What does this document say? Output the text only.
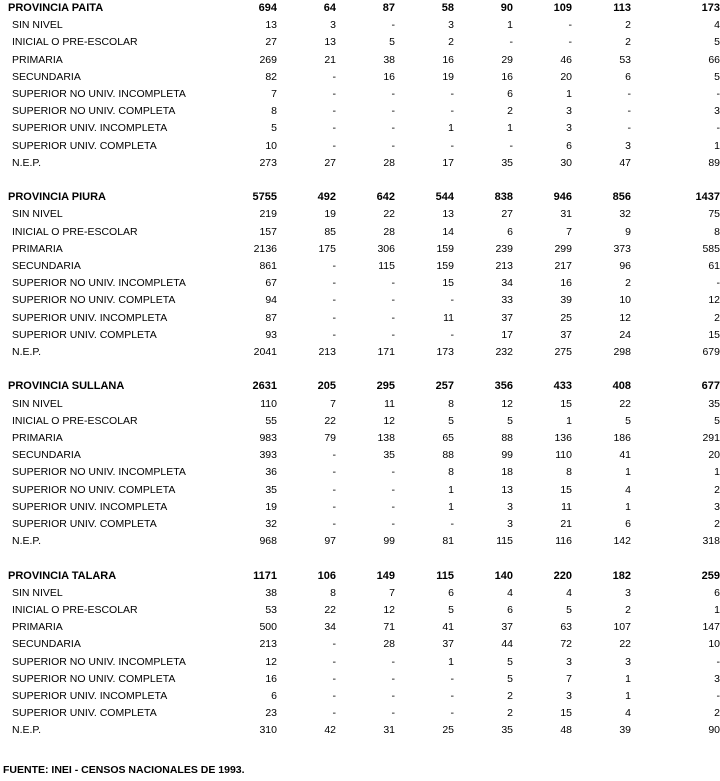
PROVINCIA PAITA	694	64	87	58	90	109	113	173
SIN NIVEL	13	3	-	3	1	-	2	4
INICIAL O PRE-ESCOLAR	27	13	5	2	-	-	2	5
PRIMARIA	269	21	38	16	29	46	53	66
SECUNDARIA	82	-	16	19	16	20	6	5
SUPERIOR NO UNIV. INCOMPLETA	7	-	-	-	6	1	-	-
SUPERIOR NO UNIV. COMPLETA	8	-	-	-	2	3	-	3
SUPERIOR UNIV. INCOMPLETA	5	-	-	1	1	3	-	-
SUPERIOR UNIV. COMPLETA	10	-	-	-	-	6	3	1
N.E.P.	273	27	28	17	35	30	47	89

PROVINCIA PIURA	5755	492	642	544	838	946	856	1437
SIN NIVEL	219	19	22	13	27	31	32	75
INICIAL O PRE-ESCOLAR	157	85	28	14	6	7	9	8
PRIMARIA	2136	175	306	159	239	299	373	585
SECUNDARIA	861	-	115	159	213	217	96	61
SUPERIOR NO UNIV. INCOMPLETA	67	-	-	15	34	16	2	-
SUPERIOR NO UNIV. COMPLETA	94	-	-	-	33	39	10	12
SUPERIOR UNIV. INCOMPLETA	87	-	-	11	37	25	12	2
SUPERIOR UNIV. COMPLETA	93	-	-	-	17	37	24	15
N.E.P.	2041	213	171	173	232	275	298	679

PROVINCIA SULLANA	2631	205	295	257	356	433	408	677
SIN NIVEL	110	7	11	8	12	15	22	35
INICIAL O PRE-ESCOLAR	55	22	12	5	5	1	5	5
PRIMARIA	983	79	138	65	88	136	186	291
SECUNDARIA	393	-	35	88	99	110	41	20
SUPERIOR NO UNIV. INCOMPLETA	36	-	-	8	18	8	1	1
SUPERIOR NO UNIV. COMPLETA	35	-	-	1	13	15	4	2
SUPERIOR UNIV. INCOMPLETA	19	-	-	1	3	11	1	3
SUPERIOR UNIV. COMPLETA	32	-	-	-	3	21	6	2
N.E.P.	968	97	99	81	115	116	142	318

PROVINCIA TALARA	1171	106	149	115	140	220	182	259
SIN NIVEL	38	8	7	6	4	4	3	6
INICIAL O PRE-ESCOLAR	53	22	12	5	6	5	2	1
PRIMARIA	500	34	71	41	37	63	107	147
SECUNDARIA	213	-	28	37	44	72	22	10
SUPERIOR NO UNIV. INCOMPLETA	12	-	-	1	5	3	3	-
SUPERIOR NO UNIV. COMPLETA	16	-	-	-	5	7	1	3
SUPERIOR UNIV. INCOMPLETA	6	-	-	-	2	3	1	-
SUPERIOR UNIV. COMPLETA	23	-	-	-	2	15	4	2
N.E.P.	310	42	31	25	35	48	39	90
FUENTE: INEI - CENSOS NACIONALES DE 1993.
